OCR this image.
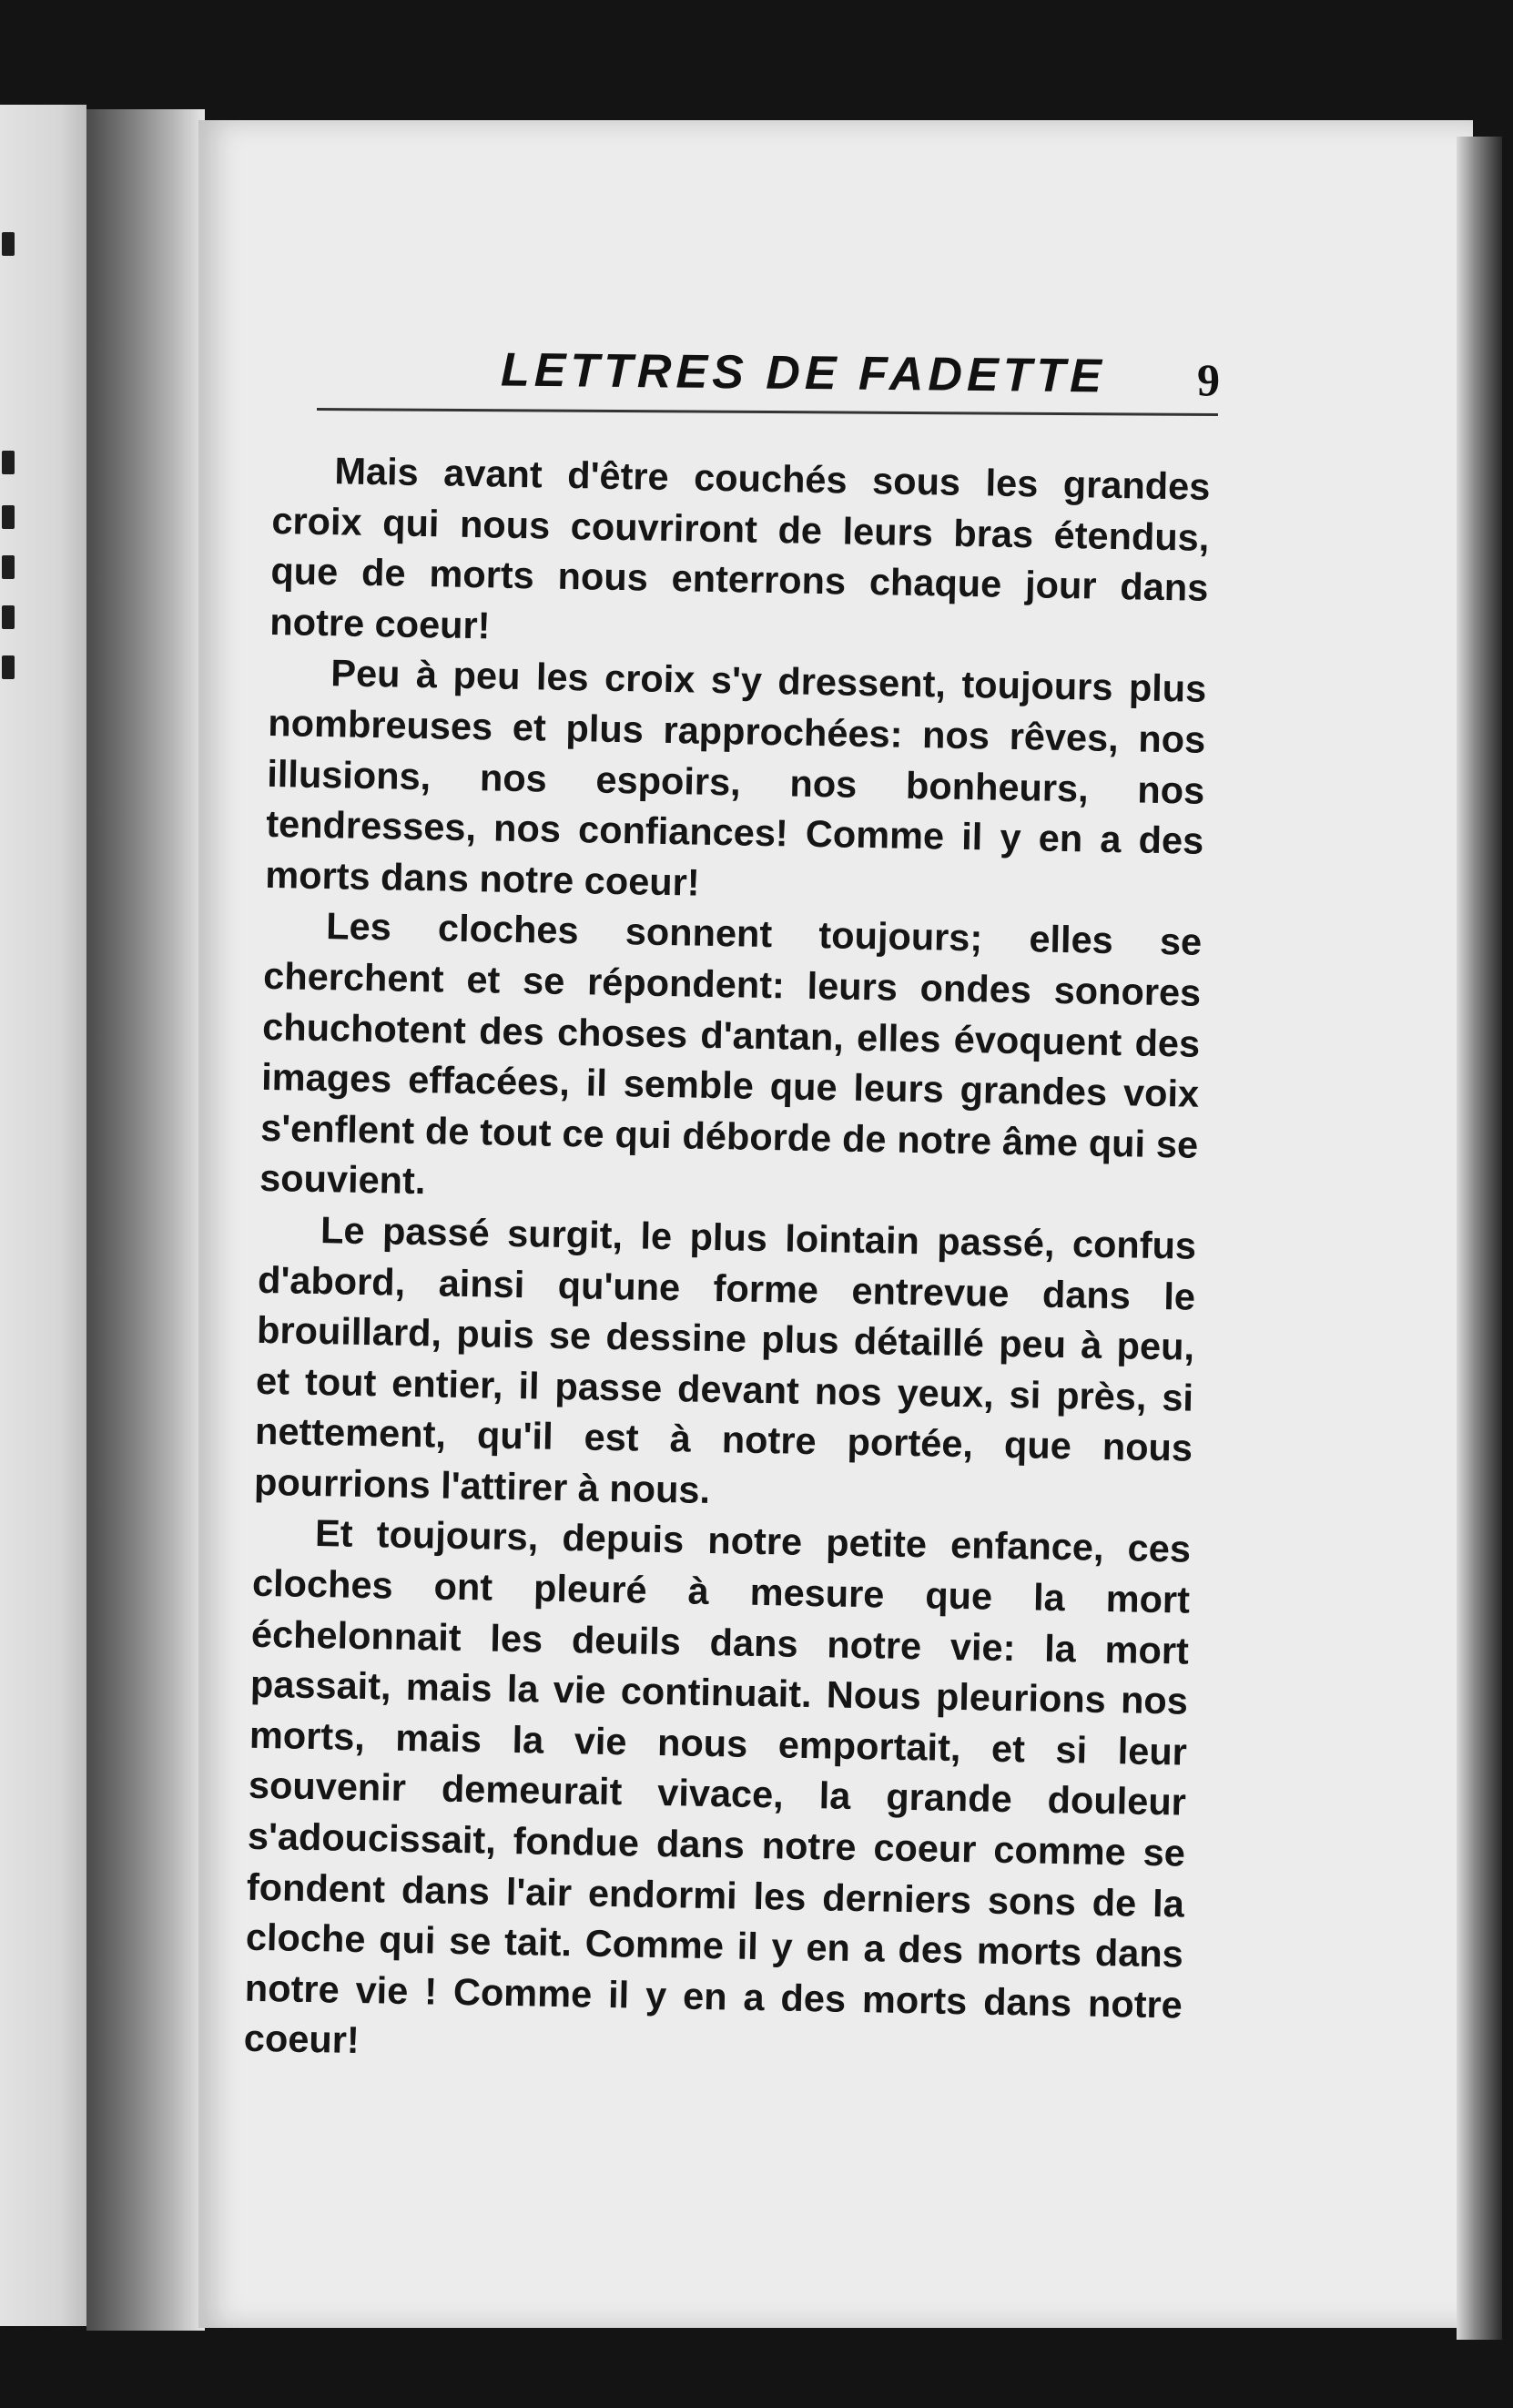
LETTRES DE FADETTE 9

Mais avant d'être couchés sous les grandes croix qui nous couvriront de leurs bras étendus, que de morts nous enterrons chaque jour dans notre coeur!

Peu à peu les croix s'y dressent, toujours plus nombreuses et plus rapprochées: nos rêves, nos illusions, nos espoirs, nos bonheurs, nos tendresses, nos confiances! Comme il y en a des morts dans notre coeur!

Les cloches sonnent toujours; elles se cherchent et se répondent: leurs ondes sonores chuchotent des choses d'antan, elles évoquent des images effacées, il semble que leurs grandes voix s'enflent de tout ce qui déborde de notre âme qui se souvient.

Le passé surgit, le plus lointain passé, confus d'abord, ainsi qu'une forme entrevue dans le brouillard, puis se dessine plus détaillé peu à peu, et tout entier, il passe devant nos yeux, si près, si nettement, qu'il est à notre portée, que nous pourrions l'attirer à nous.

Et toujours, depuis notre petite enfance, ces cloches ont pleuré à mesure que la mort échelonnait les deuils dans notre vie: la mort passait, mais la vie continuait. Nous pleurions nos morts, mais la vie nous emportait, et si leur souvenir demeurait vivace, la grande douleur s'adoucissait, fondue dans notre coeur comme se fondent dans l'air endormi les derniers sons de la cloche qui se tait. Comme il y en a des morts dans notre vie ! Comme il y en a des morts dans notre coeur!
